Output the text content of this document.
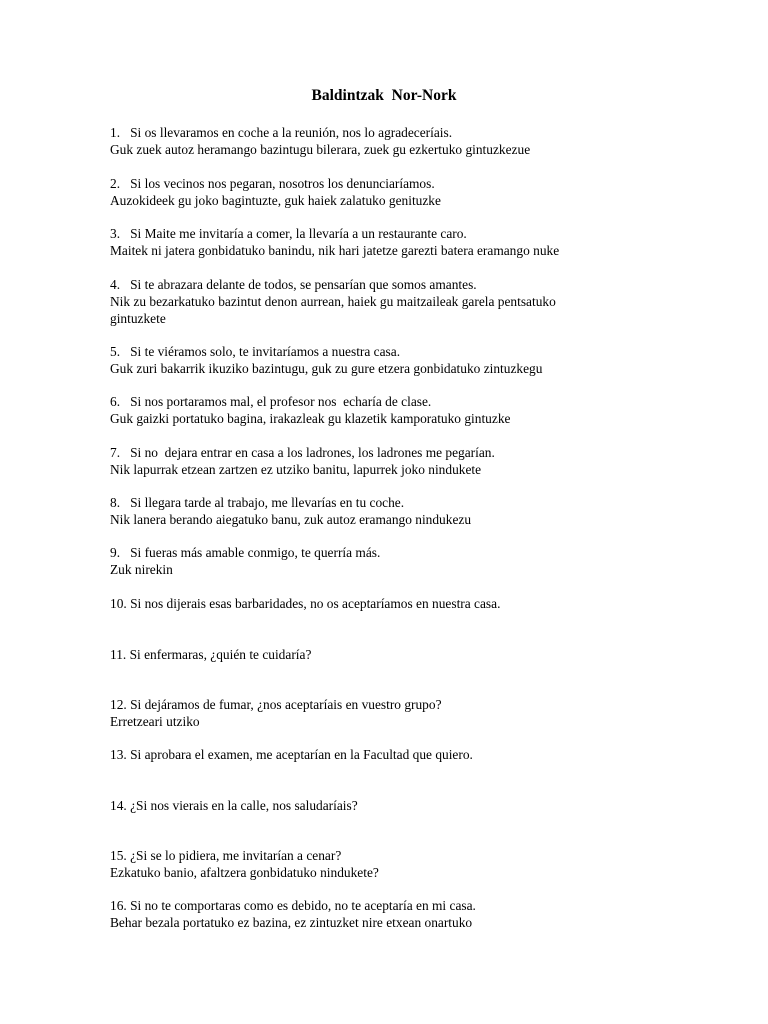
Baldintzak  Nor-Nork
1.   Si os llevaramos en coche a la reunión, nos lo agradeceríais.
Guk zuek autoz heramango bazintugu bilerara, zuek gu ezkertuko gintuzkezue
2.   Si los vecinos nos pegaran, nosotros los denunciaríamos.
Auzokideek gu joko bagintuzte, guk haiek zalatuko genituzke
3.   Si Maite me invitaría a comer, la llevaría a un restaurante caro.
Maitek ni jatera gonbidatuko banindu, nik hari jatetze garezti batera eramango nuke
4.   Si te abrazara delante de todos, se pensarían que somos amantes.
Nik zu bezarkatuko bazintut denon aurrean, haiek gu maitzaileak garela pentsatuko
gintuzkete
5.   Si te viéramos solo, te invitaríamos a nuestra casa.
Guk zuri bakarrik ikuziko bazintugu, guk zu gure etzera gonbidatuko zintuzkegu
6.   Si nos portaramos mal, el profesor nos  echaría de clase.
Guk gaizki portatuko bagina, irakazleak gu klazetik kamporatuko gintuzke
7.   Si no  dejara entrar en casa a los ladrones, los ladrones me pegarían.
Nik lapurrak etzean zartzen ez utziko banitu, lapurrek joko nindukete
8.   Si llegara tarde al trabajo, me llevarías en tu coche.
Nik lanera berando aiegatuko banu, zuk autoz eramango nindukezu
9.   Si fueras más amable conmigo, te querría más.
Zuk nirekin
10. Si nos dijerais esas barbaridades, no os aceptaríamos en nuestra casa.
11. Si enfermaras, ¿quién te cuidaría?
12. Si dejáramos de fumar, ¿nos aceptaríais en vuestro grupo?
Erretzeari utziko
13. Si aprobara el examen, me aceptarían en la Facultad que quiero.
14. ¿Si nos vierais en la calle, nos saludaríais?
15. ¿Si se lo pidiera, me invitarían a cenar?
Ezkatuko banio, afaltzera gonbidatuko nindukete?
16. Si no te comportaras como es debido, no te aceptaría en mi casa.
Behar bezala portatuko ez bazina, ez zintuzket nire etxean onartuko
